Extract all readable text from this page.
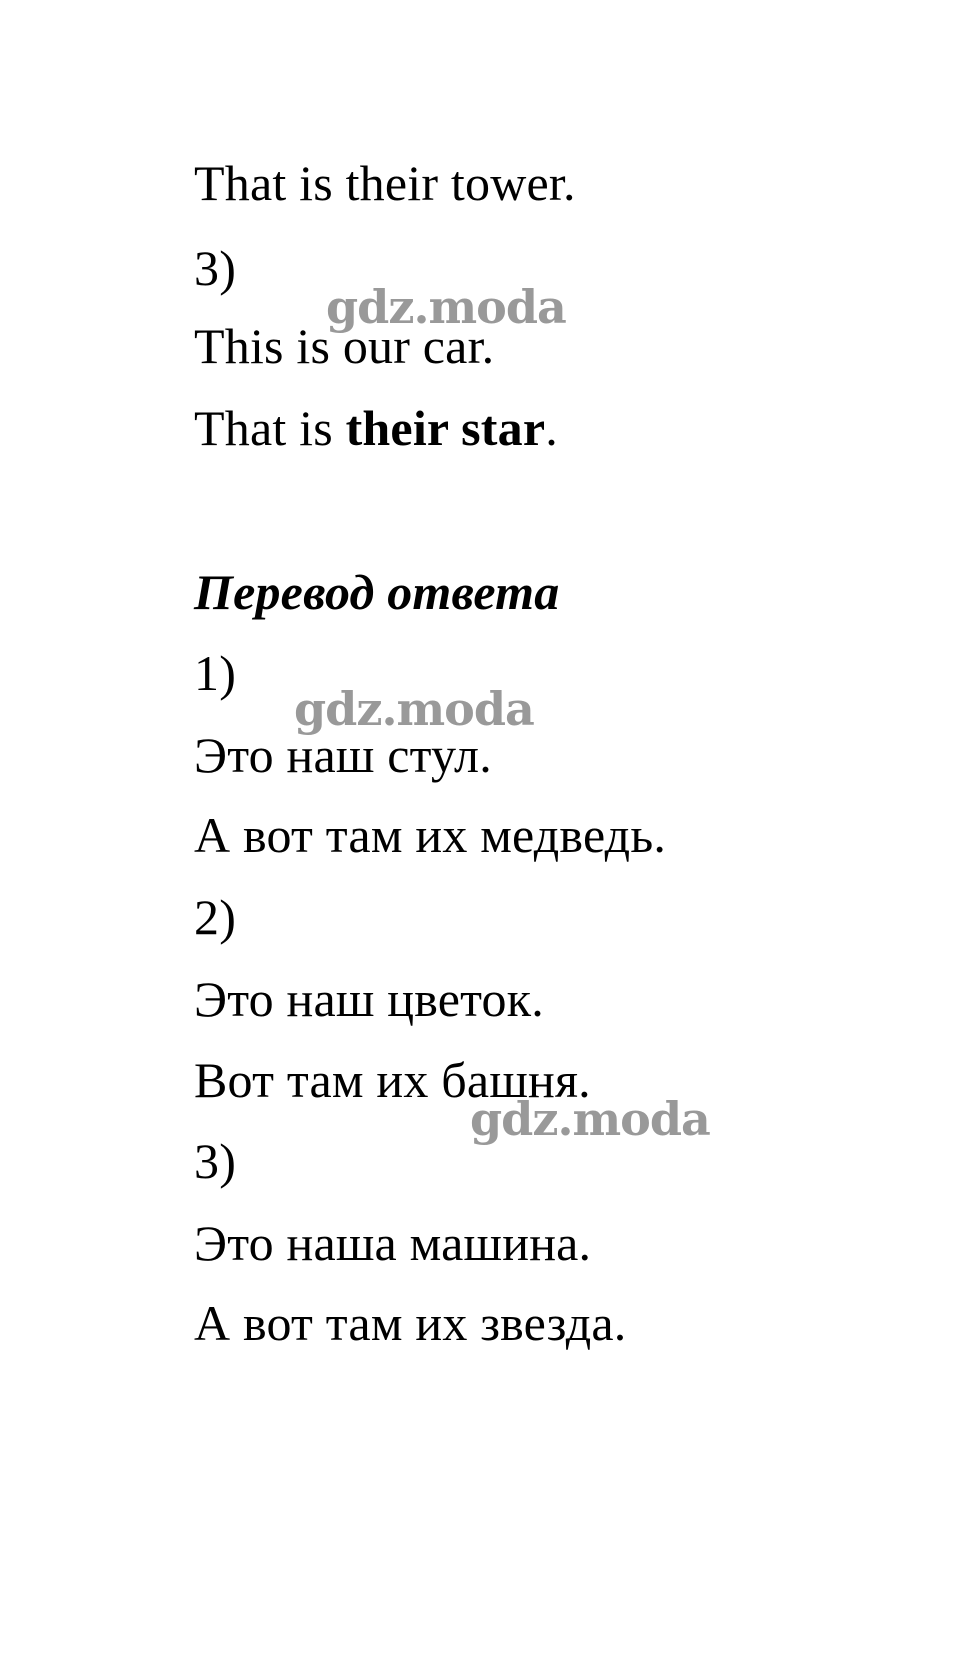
That is their tower.
3)
This is our car.
That is their star.
Перевод ответа
1)
Это наш стул.
А вот там их медведь.
2)
Это наш цветок.
Вот там их башня.
3)
Это наша машина.
А вот там их звезда.
gdz.moda
gdz.moda
gdz.moda
